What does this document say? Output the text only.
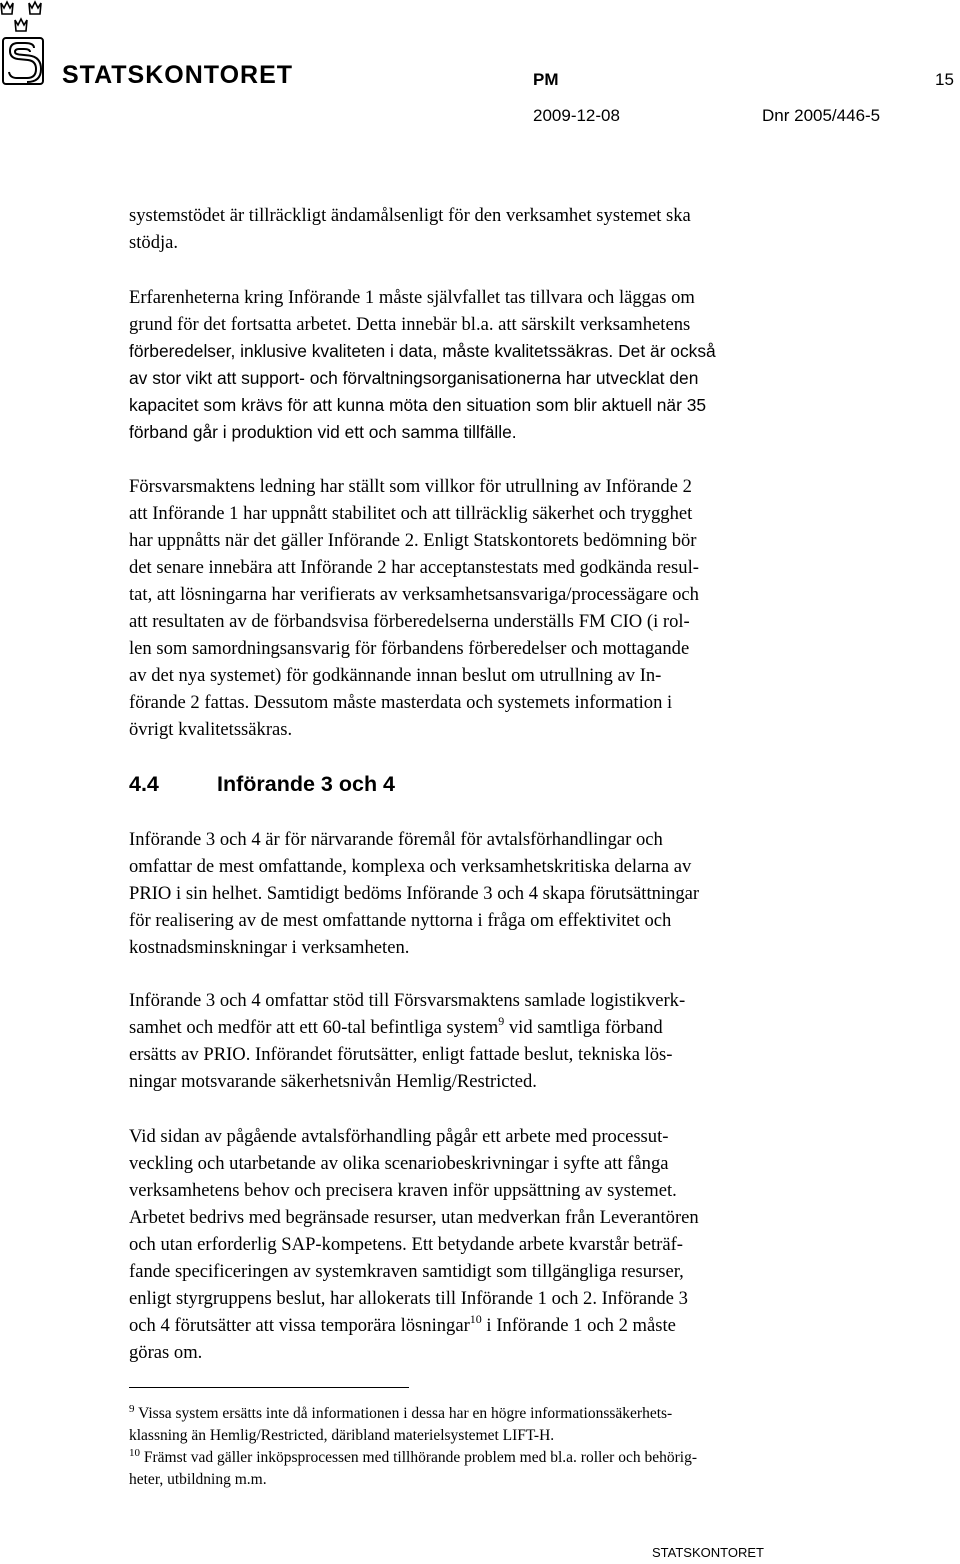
STATSKONTORET	PM	15
2009-12-08	Dnr 2005/446-5

systemstödet är tillräckligt ändamålsenligt för den verksamhet systemet ska
stödja.

Erfarenheterna kring Införande 1 måste självfallet tas tillvara och läggas om
grund för det fortsatta arbetet. Detta innebär bl.a. att särskilt verksamhetens
förberedelser, inklusive kvaliteten i data, måste kvalitetssäkras. Det är också
av stor vikt att support- och förvaltningsorganisationerna har utvecklat den
kapacitet som krävs för att kunna möta den situation som blir aktuell när 35
förband går i produktion vid ett och samma tillfälle.

Försvarsmaktens ledning har ställt som villkor för utrullning av Införande 2
att Införande 1 har uppnått stabilitet och att tillräcklig säkerhet och trygghet
har uppnåtts när det gäller Införande 2. Enligt Statskontorets bedömning bör
det senare innebära att Införande 2 har acceptanstestats med godkända resul-
tat, att lösningarna har verifierats av verksamhetsansvariga/processägare och
att resultaten av de förbandsvisa förberedelserna underställs FM CIO (i rol-
len som samordningsansvarig för förbandens förberedelser och mottagande
av det nya systemet) för godkännande innan beslut om utrullning av In-
förande 2 fattas. Dessutom måste masterdata och systemets information i
övrigt kvalitetssäkras.

4.4	Införande 3 och 4

Införande 3 och 4 är för närvarande föremål för avtalsförhandlingar och
omfattar de mest omfattande, komplexa och verksamhetskritiska delarna av
PRIO i sin helhet. Samtidigt bedöms Införande 3 och 4 skapa förutsättningar
för realisering av de mest omfattande nyttorna i fråga om effektivitet och
kostnadsminskningar i verksamheten.

Införande 3 och 4 omfattar stöd till Försvarsmaktens samlade logistikverk-
samhet och medför att ett 60-tal befintliga system$^9$ vid samtliga förband
ersätts av PRIO. Införandet förutsätter, enligt fattade beslut, tekniska lös-
ningar motsvarande säkerhetsnivån Hemlig/Restricted.

Vid sidan av pågående avtalsförhandling pågår ett arbete med processut-
veckling och utarbetande av olika scenariobeskrivningar i syfte att fånga
verksamhetens behov och precisera kraven inför uppsättning av systemet.
Arbetet bedrivs med begränsade resurser, utan medverkan från Leverantören
och utan erforderlig SAP-kompetens. Ett betydande arbete kvarstår beträf-
fande specificeringen av systemkraven samtidigt som tillgängliga resurser,
enligt styrgruppens beslut, har allokerats till Införande 1 och 2. Införande 3
och 4 förutsätter att vissa temporära lösningar$^{10}$ i Införande 1 och 2 måste
göras om.

$^9$ Vissa system ersätts inte då informationen i dessa har en högre informationssäkerhets-
klassning än Hemlig/Restricted, däribland materielsystemet LIFT-H.

$^{10}$ Främst vad gäller inköpsprocessen med tillhörande problem med bl.a. roller och behörig-
heter, utbildning m.m.

STATSKONTORET
